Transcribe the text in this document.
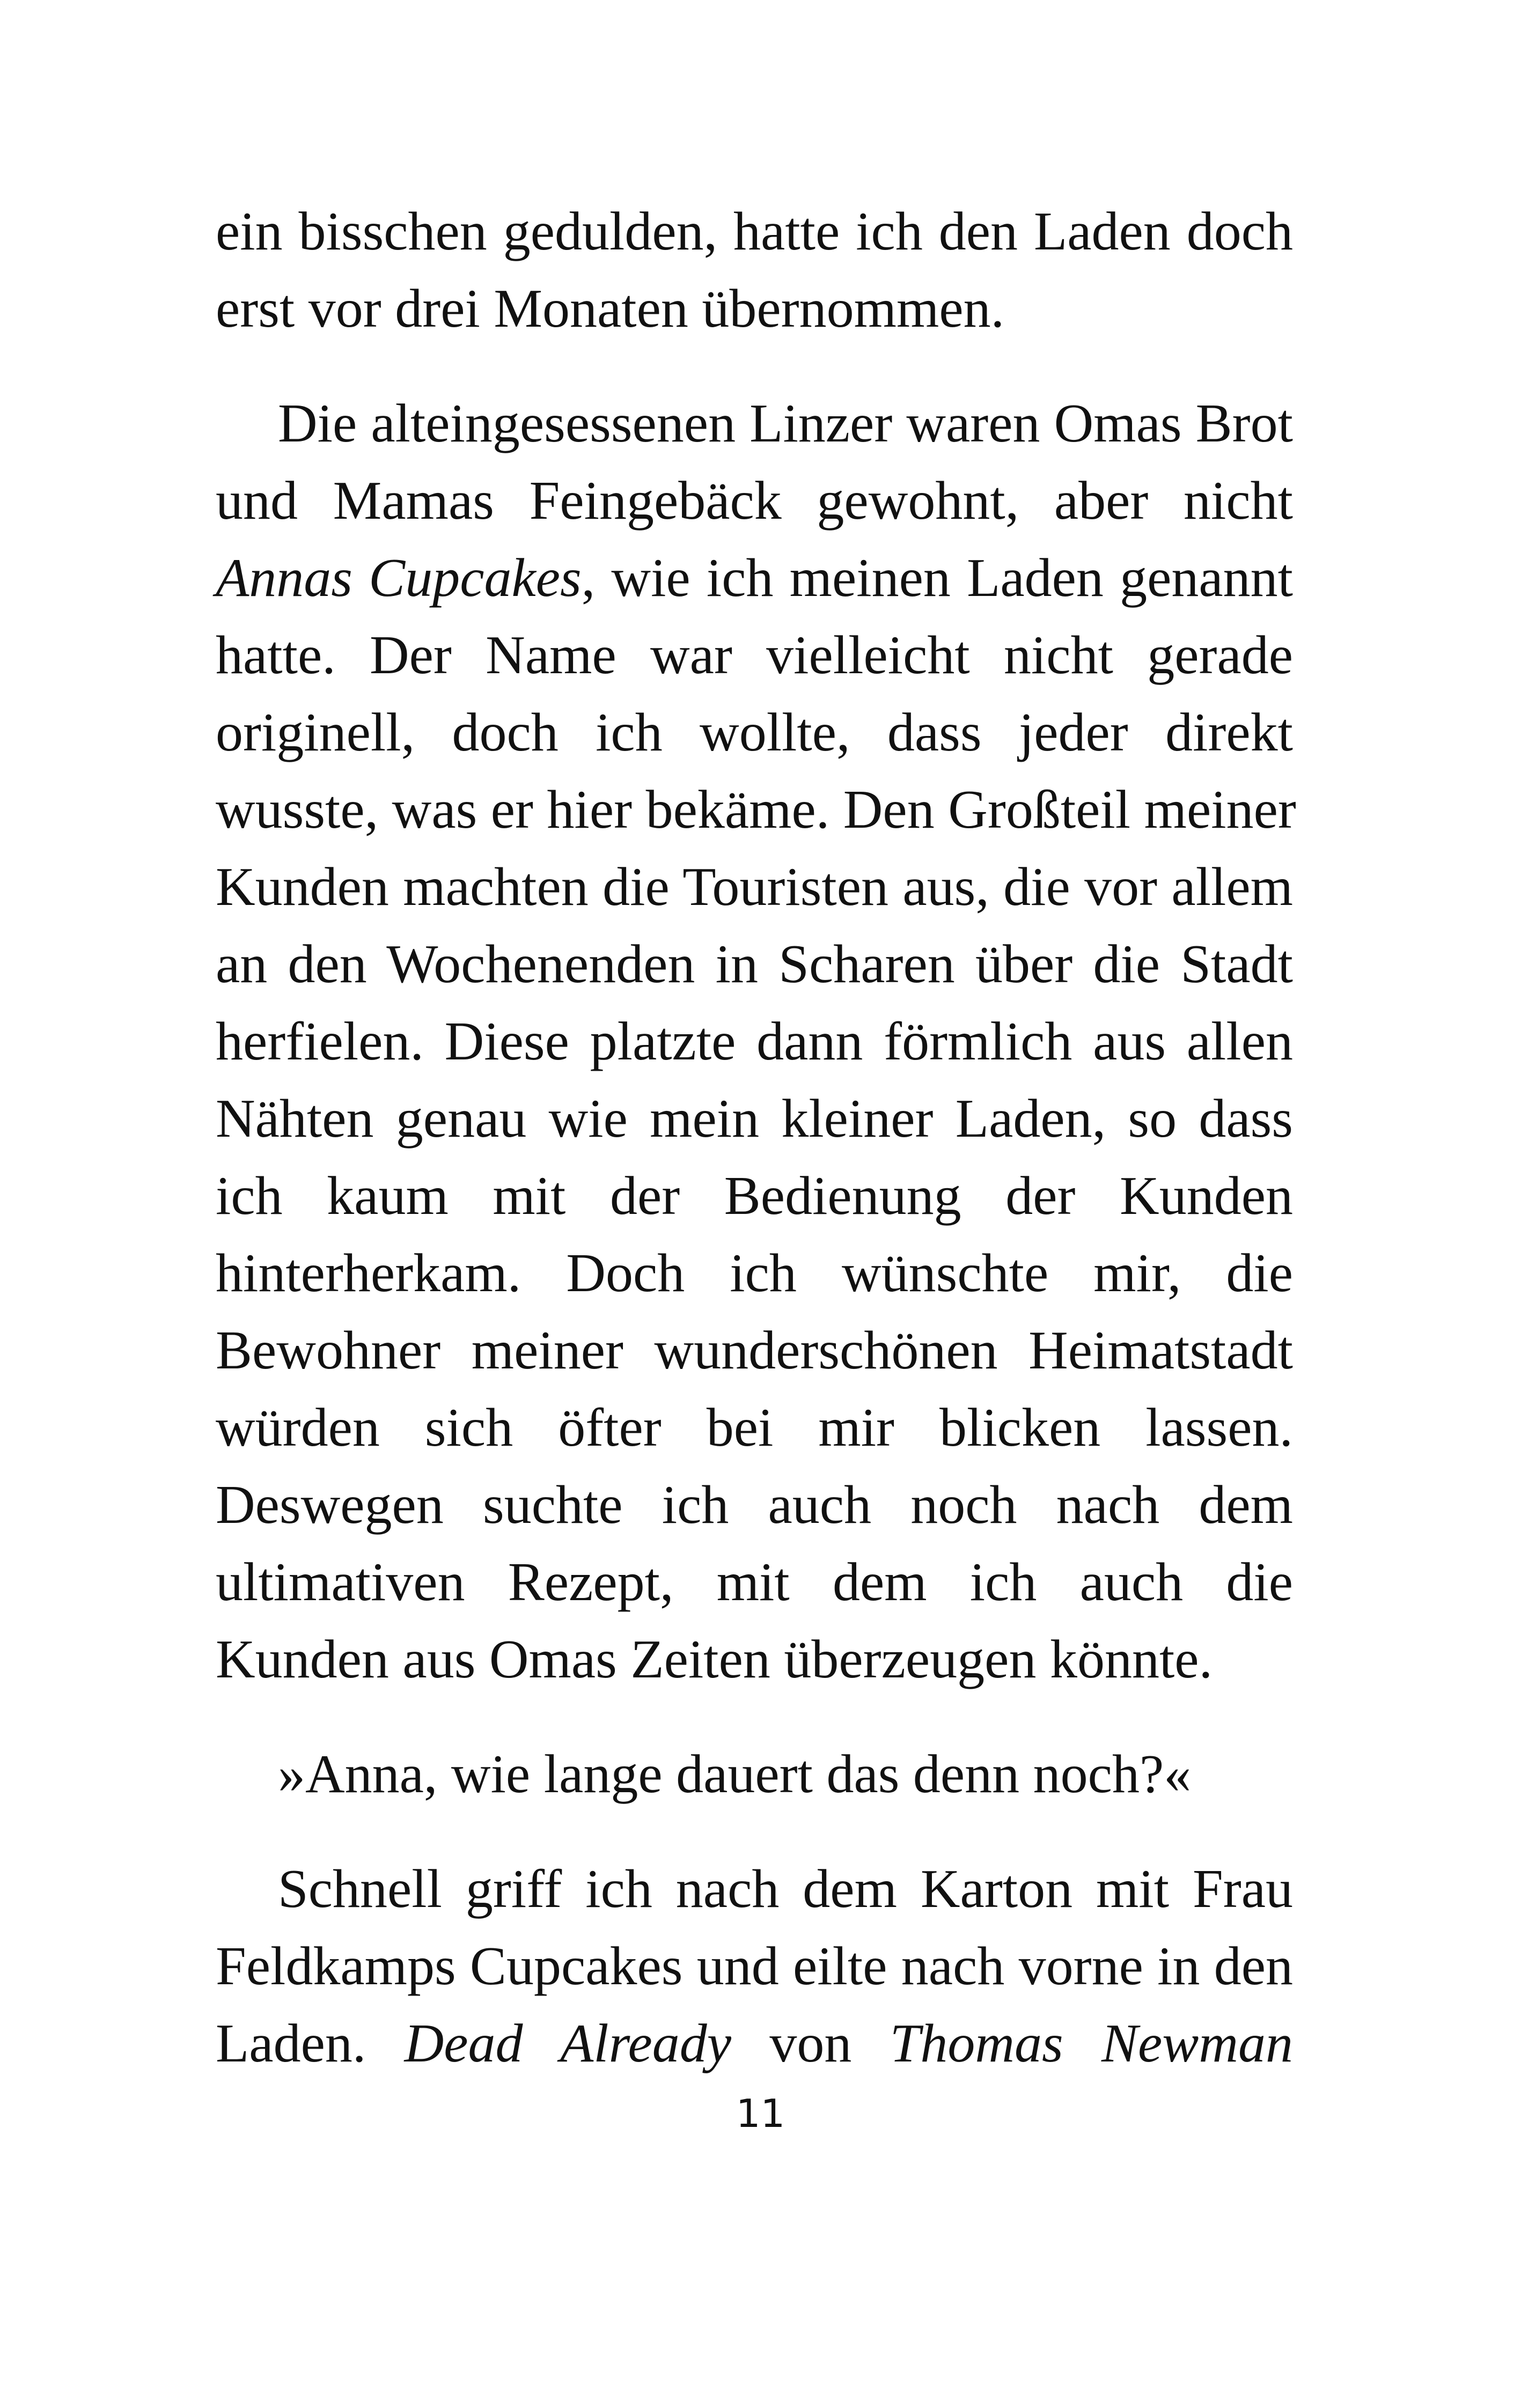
ein bisschen gedulden, hatte ich den Laden doch
erst vor drei Monaten übernommen.

Die alteingesessenen Linzer waren Omas Brot
und Mamas Feingebäck gewohnt, aber nicht
Annas Cupcakes, wie ich meinen Laden genannt
hatte. Der Name war vielleicht nicht gerade
originell, doch ich wollte, dass jeder direkt
wusste, was er hier bekäme. Den Großteil meiner
Kunden machten die Touristen aus, die vor allem
an den Wochenenden in Scharen über die Stadt
herfielen. Diese platzte dann förmlich aus allen
Nähten genau wie mein kleiner Laden, so dass
ich kaum mit der Bedienung der Kunden
hinterherkam. Doch ich wünschte mir, die
Bewohner meiner wunderschönen Heimatstadt
würden sich öfter bei mir blicken lassen.
Deswegen suchte ich auch noch nach dem
ultimativen Rezept, mit dem ich auch die
Kunden aus Omas Zeiten überzeugen könnte.

»Anna, wie lange dauert das denn noch?«

Schnell griff ich nach dem Karton mit Frau
Feldkamps Cupcakes und eilte nach vorne in den
Laden. Dead Already von Thomas Newman

11
